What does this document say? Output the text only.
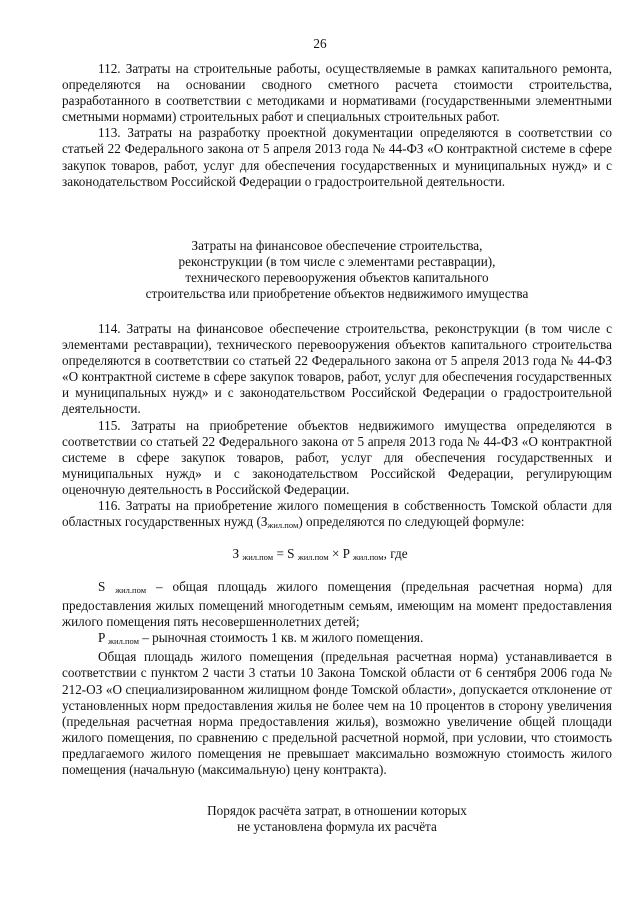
26

112. Затраты на строительные работы, осуществляемые в рамках капитального ремонта, определяются на основании сводного сметного расчета стоимости строительства, разработанного в соответствии с методиками и нормативами (государственными элементными сметными нормами) строительных работ и специальных строительных работ.

113. Затраты на разработку проектной документации определяются в соответствии со статьей 22 Федерального закона от 5 апреля 2013 года № 44-ФЗ «О контрактной системе в сфере закупок товаров, работ, услуг для обеспечения государственных и муниципальных нужд» и с законодательством Российской Федерации о градостроительной деятельности.

Затраты на финансовое обеспечение строительства,
реконструкции (в том числе с элементами реставрации),
технического перевооружения объектов капитального
строительства или приобретение объектов недвижимого имущества

114. Затраты на финансовое обеспечение строительства, реконструкции (в том числе с элементами реставрации), технического перевооружения объектов капитального строительства определяются в соответствии со статьей 22 Федерального закона от 5 апреля 2013 года № 44-ФЗ «О контрактной системе в сфере закупок товаров, работ, услуг для обеспечения государственных и муниципальных нужд» и с законодательством Российской Федерации о градостроительной деятельности.

115. Затраты на приобретение объектов недвижимого имущества определяются в соответствии со статьей 22 Федерального закона от 5 апреля 2013 года № 44-ФЗ «О контрактной системе в сфере закупок товаров, работ, услуг для обеспечения государственных и муниципальных нужд» и с законодательством Российской Федерации, регулирующим оценочную деятельность в Российской Федерации.

116. Затраты на приобретение жилого помещения в собственность Томской области для областных государственных нужд $(З_{жил.пом})$ определяются по следующей формуле:

З $_{жил.пом}$ = S $_{жил.пом}$ × P $_{жил.пом}$, где

S $_{жил.пом}$ – общая площадь жилого помещения (предельная расчетная норма) для предоставления жилых помещений многодетным семьям, имеющим на момент предоставления жилого помещения пять несовершеннолетних детей;

P $_{жил.пом}$ – рыночная стоимость 1 кв. м жилого помещения.

Общая площадь жилого помещения (предельная расчетная норма) устанавливается в соответствии с пунктом 2 части 3 статьи 10 Закона Томской области от 6 сентября 2006 года № 212-ОЗ «О специализированном жилищном фонде Томской области», допускается отклонение от установленных норм предоставления жилья не более чем на 10 процентов в сторону увеличения (предельная расчетная норма предоставления жилья), возможно увеличение общей площади жилого помещения, по сравнению с предельной расчетной нормой, при условии, что стоимость предлагаемого жилого помещения не превышает максимально возможную стоимость жилого помещения (начальную (максимальную) цену контракта).

Порядок расчёта затрат, в отношении которых
не установлена формула их расчёта
